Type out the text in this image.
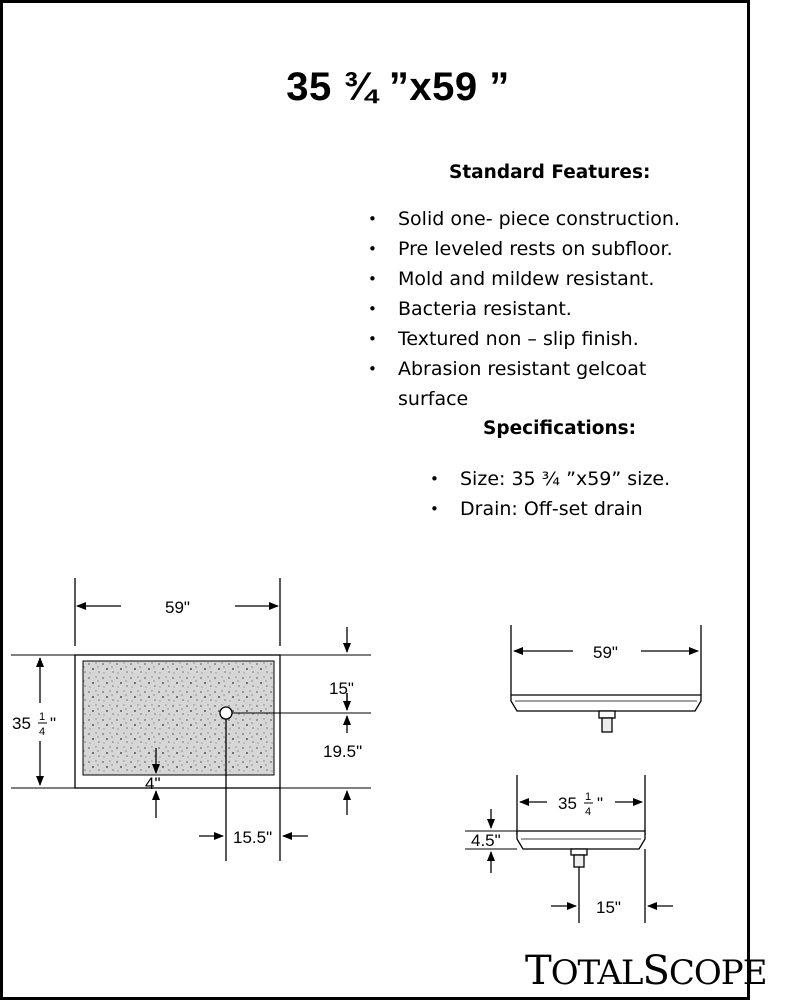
35 ¾ ”x59 ”
Standard Features:
• Solid one- piece construction.
• Pre leveled rests on subfloor.
• Mold and mildew resistant.
• Bacteria resistant.
• Textured non – slip finish.
• Abrasion resistant gelcoat surface
Specifications:
• Size: 35 ¾ ”x59” size.
• Drain: Off-set drain
59"
35 1
4 "
15"
19.5"
4"
15.5"
59"
35 1
4 "
4.5"
15"
TOTALSCOPE
